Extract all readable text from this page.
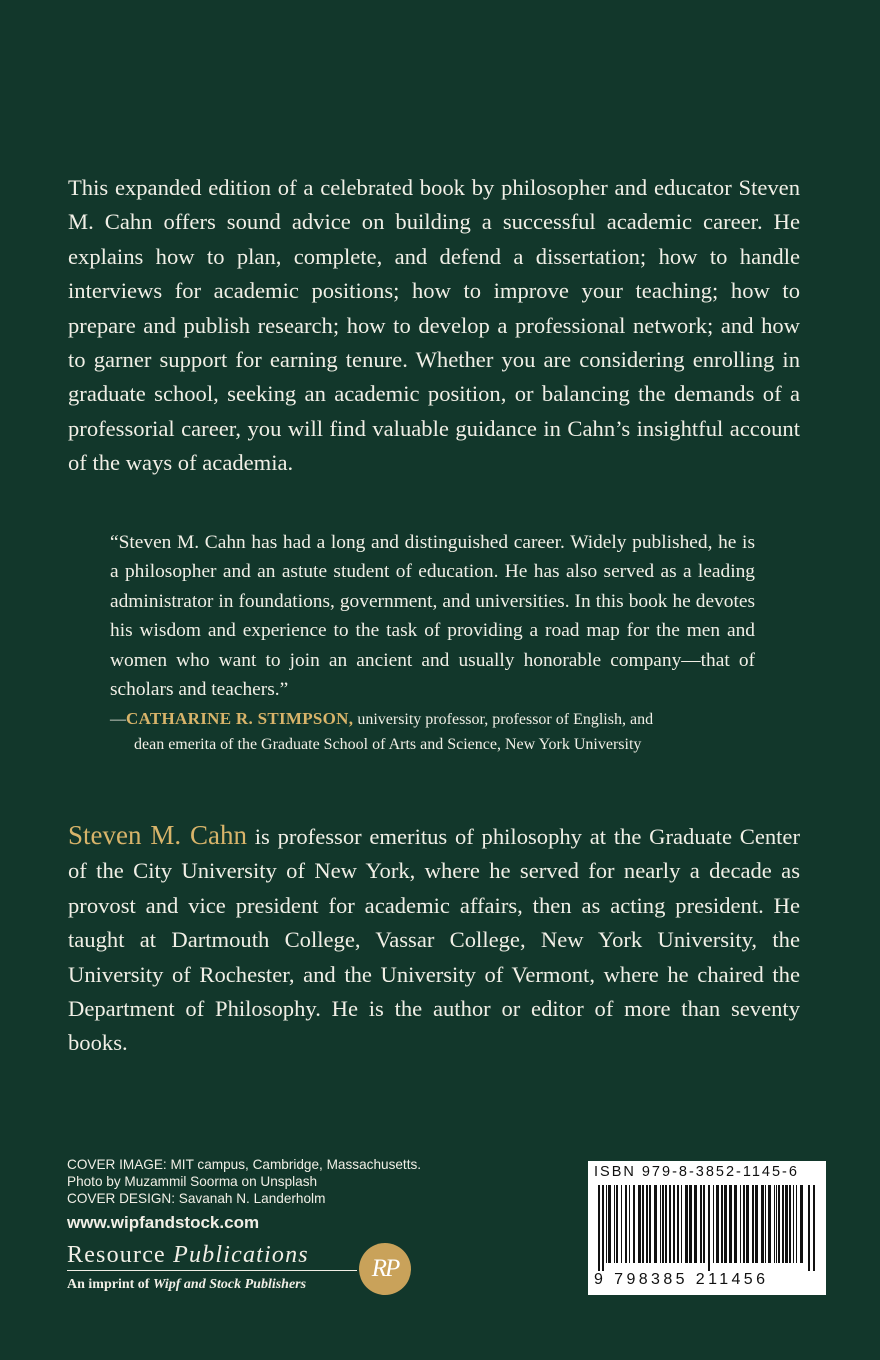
This expanded edition of a celebrated book by philosopher and educator Steven M. Cahn offers sound advice on building a successful academic career. He explains how to plan, complete, and defend a dissertation; how to handle interviews for academic positions; how to improve your teaching; how to prepare and publish research; how to develop a professional network; and how to garner support for earning tenure. Whether you are considering enrolling in graduate school, seeking an academic position, or balancing the demands of a professorial career, you will find valuable guidance in Cahn’s insightful account of the ways of academia.

“Steven M. Cahn has had a long and distinguished career. Widely published, he is a philosopher and an astute student of education. He has also served as a leading administrator in foundations, government, and universities. In this book he devotes his wisdom and experience to the task of providing a road map for the men and women who want to join an ancient and usually honorable company—that of scholars and teachers.”

—CATHARINE R. STIMPSON, university professor, professor of English, and
dean emerita of the Graduate School of Arts and Science, New York University

Steven M. Cahn is professor emeritus of philosophy at the Graduate Center of the City University of New York, where he served for nearly a decade as provost and vice president for academic affairs, then as acting president. He taught at Dartmouth College, Vassar College, New York University, the University of Rochester, and the University of Vermont, where he chaired the Department of Philosophy. He is the author or editor of more than seventy books.

COVER IMAGE: MIT campus, Cambridge, Massachusetts.
Photo by Muzammil Soorma on Unsplash
COVER DESIGN: Savanah N. Landerholm
www.wipfandstock.com
Resource Publications
An imprint of Wipf and Stock Publishers
RP
ISBN 979-8-3852-1145-6
9 798385 211456
